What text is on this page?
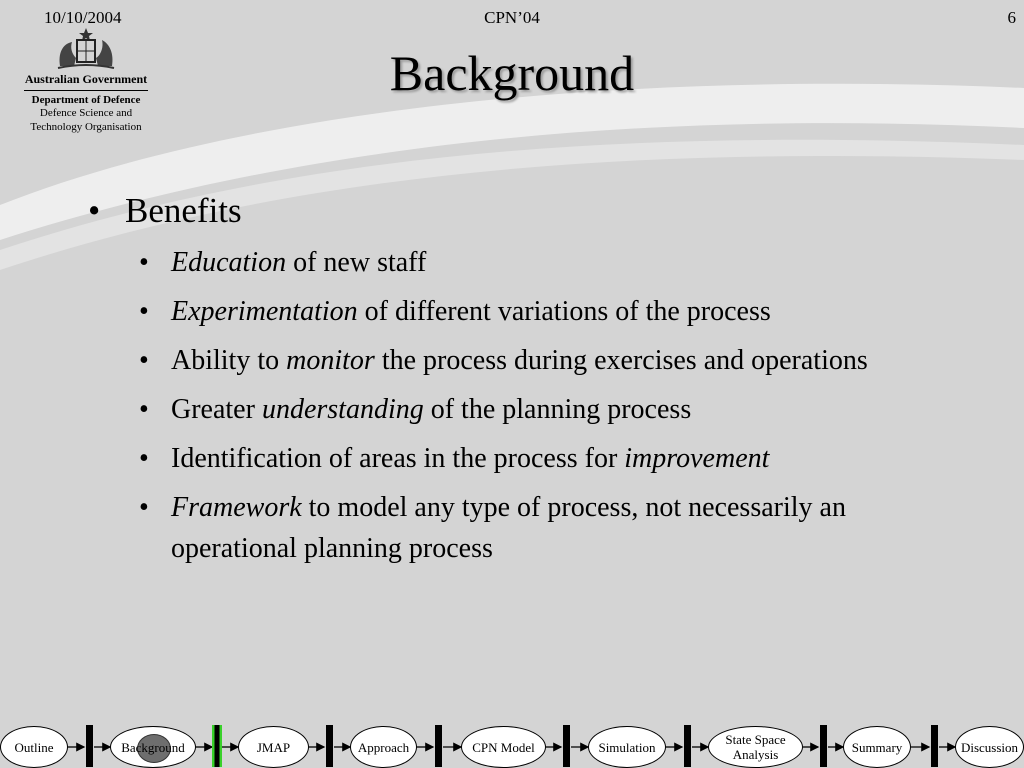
10/10/2004	CPN’04	6
Australian Government
Department of Defence
Defence Science and
Technology Organisation
Background
• Benefits
• Education of new staff
• Experimentation of different variations of the process
• Ability to monitor the process during exercises and operations
• Greater understanding of the planning process
• Identification of areas in the process for improvement
• Framework to model any type of process, not necessarily an operational planning process
Outline	Background	JMAP	Approach	CPN Model	Simulation	State Space Analysis	Summary	Discussion
